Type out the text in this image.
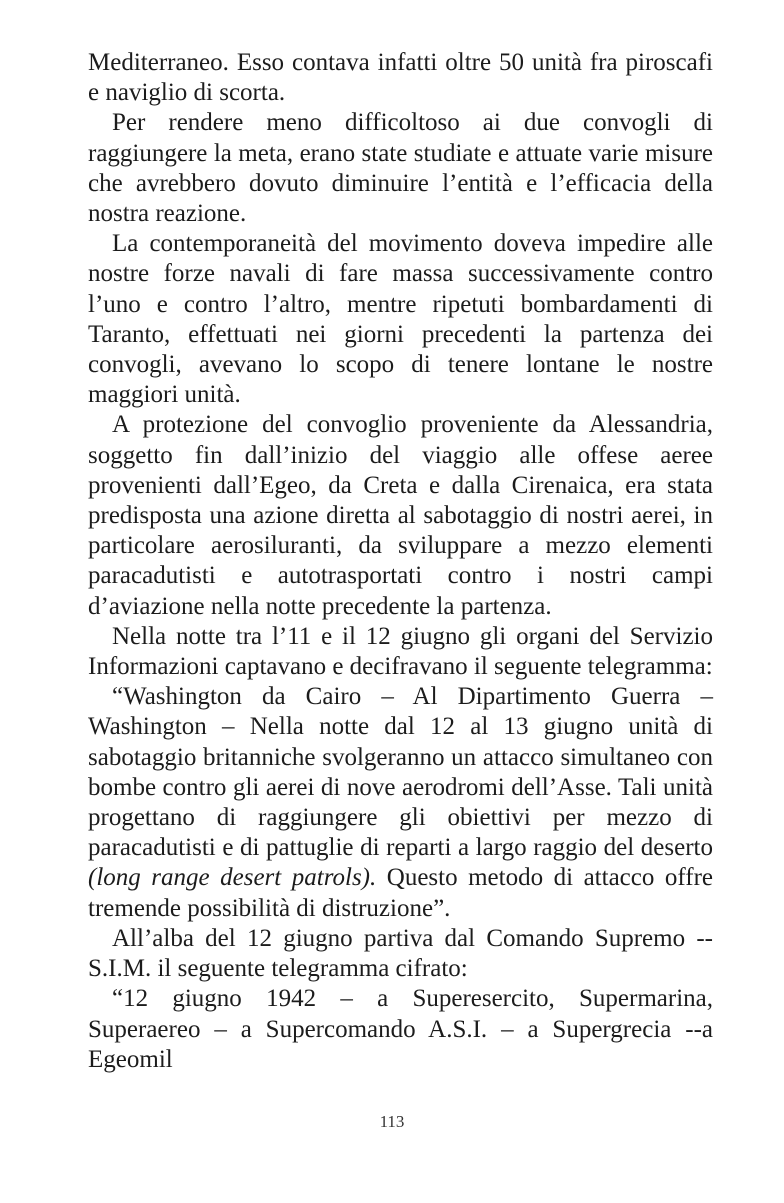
Mediterraneo. Esso contava infatti oltre 50 unità fra piroscafi e naviglio di scorta.

Per rendere meno difficoltoso ai due convogli di raggiungere la meta, erano state studiate e attuate varie misure che avrebbero dovuto diminuire l’entità e l’efficacia della nostra reazione.

La contemporaneità del movimento doveva impedire alle nostre forze navali di fare massa successivamente contro l’uno e contro l’altro, mentre ripetuti bombardamenti di Taranto, effettuati nei giorni precedenti la partenza dei convogli, avevano lo scopo di tenere lontane le nostre maggiori unità.

A protezione del convoglio proveniente da Alessandria, soggetto fin dall’inizio del viaggio alle offese aeree provenienti dall’Egeo, da Creta e dalla Cirenaica, era stata predisposta una azione diretta al sabotaggio di nostri aerei, in particolare aerosiluranti, da sviluppare a mezzo elementi paracadutisti e autotrasportati contro i nostri campi d’aviazione nella notte precedente la partenza.

Nella notte tra l’11 e il 12 giugno gli organi del Servizio Informazioni captavano e decifravano il seguente telegramma:

“Washington da Cairo – Al Dipartimento Guerra – Washington – Nella notte dal 12 al 13 giugno unità di sabotaggio britanniche svolgeranno un attacco simultaneo con bombe contro gli aerei di nove aerodromi dell’Asse. Tali unità progettano di raggiungere gli obiettivi per mezzo di paracadutisti e di pattuglie di reparti a largo raggio del deserto (long range desert patrols). Questo metodo di attacco offre tremende possibilità di distruzione”.

All’alba del 12 giugno partiva dal Comando Supremo -- S.I.M. il seguente telegramma cifrato:

“12 giugno 1942 – a Superesercito, Supermarina, Superaereo – a Supercomando A.S.I. – a Supergrecia --a Egeomil

113
